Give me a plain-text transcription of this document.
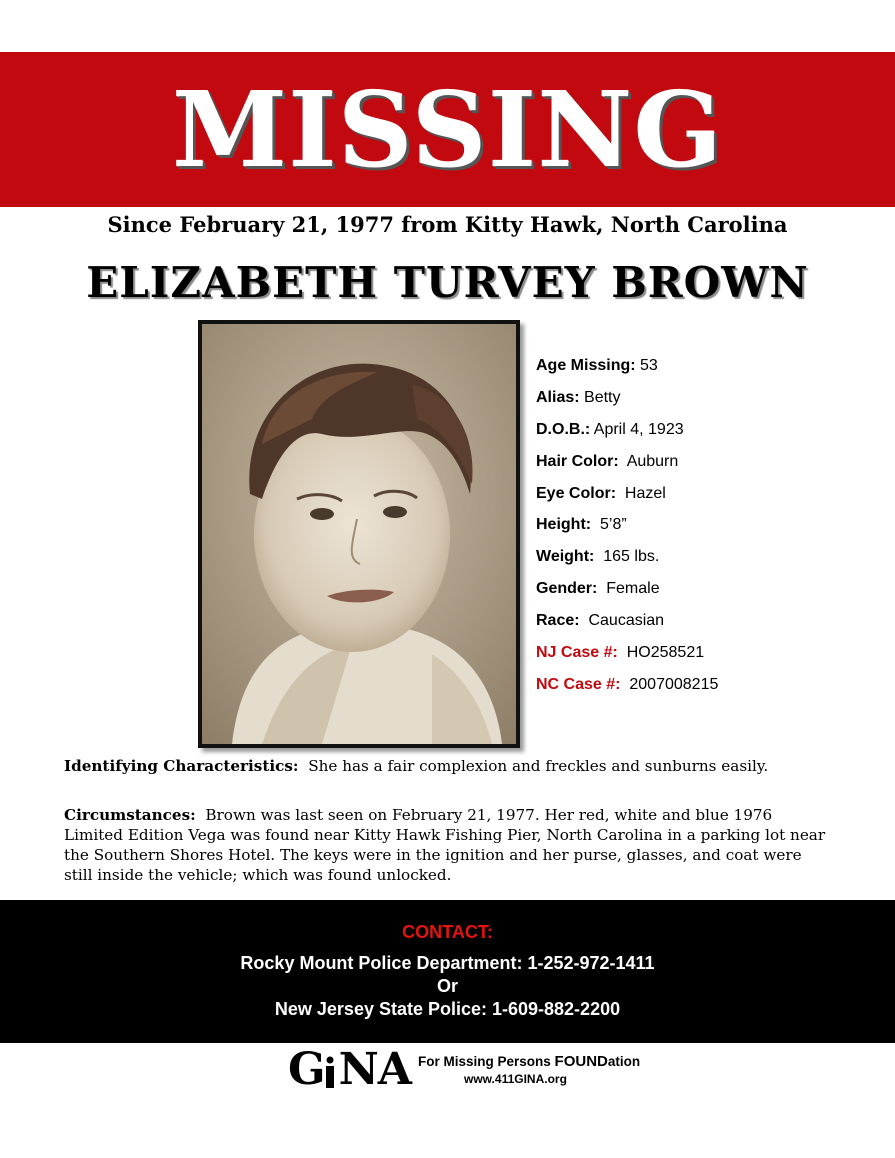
MISSING
Since February 21, 1977 from Kitty Hawk, North Carolina
ELIZABETH TURVEY BROWN
Age Missing: 53
Alias: Betty
D.O.B.: April 4, 1923
Hair Color: Auburn
Eye Color: Hazel
Height: 5’8”
Weight: 165 lbs.
Gender: Female
Race: Caucasian
NJ Case #: HO258521
NC Case #: 2007008215
Identifying Characteristics: She has a fair complexion and freckles and sunburns easily.
Circumstances: Brown was last seen on February 21, 1977. Her red, white and blue 1976 Limited Edition Vega was found near Kitty Hawk Fishing Pier, North Carolina in a parking lot near the Southern Shores Hotel. The keys were in the ignition and her purse, glasses, and coat were still inside the vehicle; which was found unlocked.
CONTACT:
Rocky Mount Police Department: 1-252-972-1411
Or
New Jersey State Police: 1-609-882-2200
G NA For Missing Persons FOUNDation
www.411GINA.org
